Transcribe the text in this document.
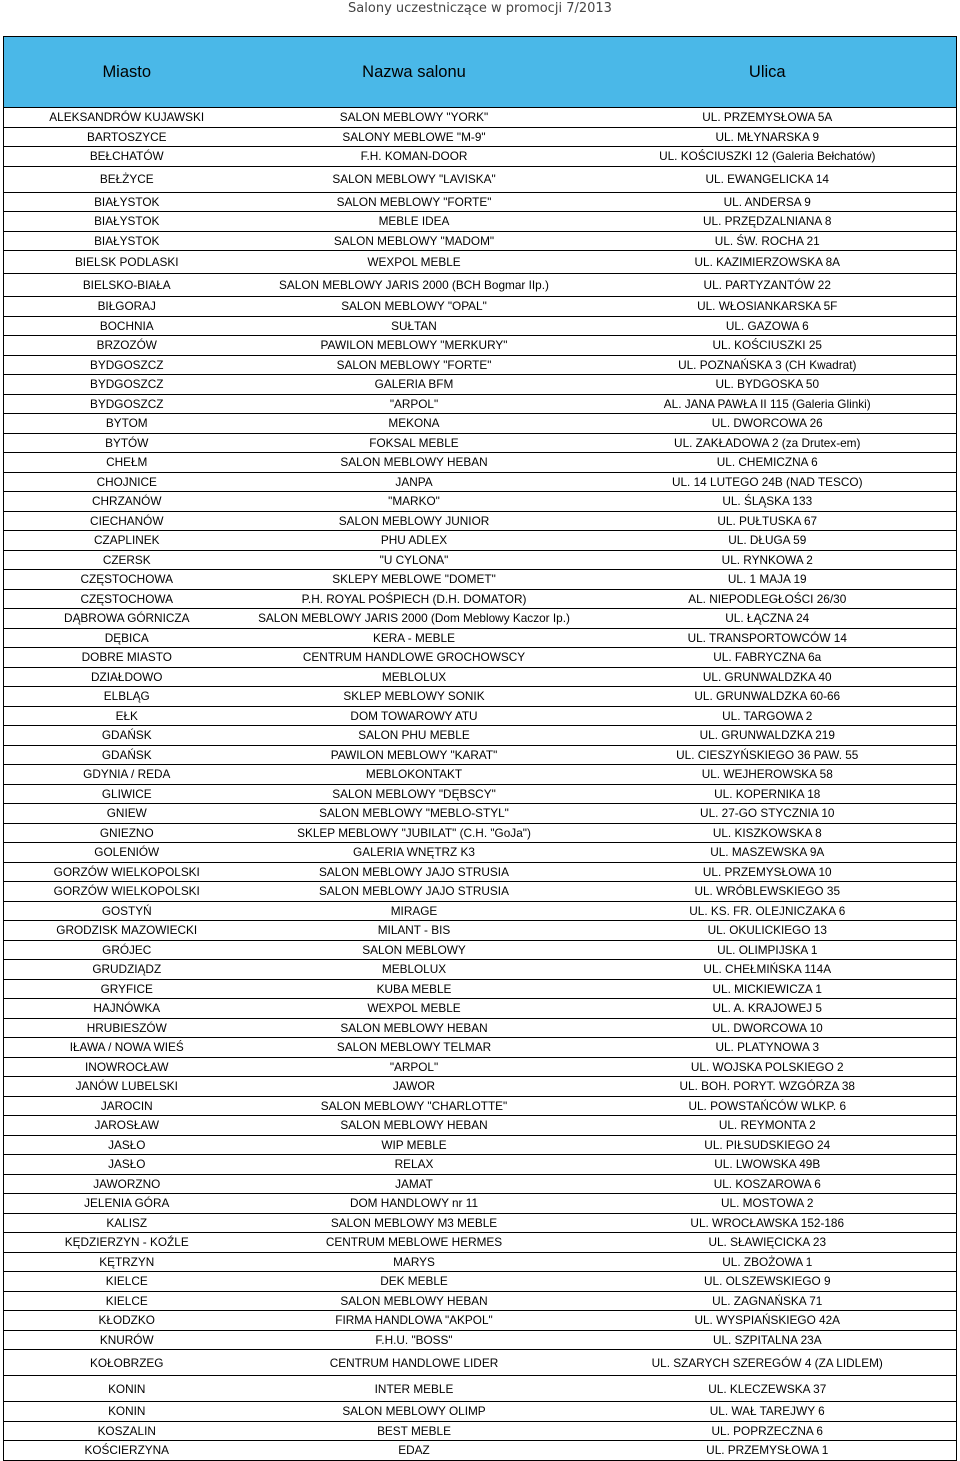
Salony uczestniczące w promocji 7/2013
Miasto	Nazwa salonu	Ulica
ALEKSANDRÓW KUJAWSKI	SALON MEBLOWY "YORK"	UL. PRZEMYSŁOWA 5A
BARTOSZYCE	SALONY MEBLOWE "M-9"	UL. MŁYNARSKA 9
BEŁCHATÓW	F.H. KOMAN-DOOR	UL. KOŚCIUSZKI 12 (Galeria Bełchatów)
BEŁŻYCE	SALON MEBLOWY "LAVISKA"	UL. EWANGELICKA 14
BIAŁYSTOK	SALON MEBLOWY "FORTE"	UL. ANDERSA 9
BIAŁYSTOK	MEBLE IDEA	UL. PRZĘDZALNIANA 8
BIAŁYSTOK	SALON MEBLOWY "MADOM"	UL. ŚW. ROCHA 21
BIELSK PODLASKI	WEXPOL MEBLE	UL. KAZIMIERZOWSKA 8A
BIELSKO-BIAŁA	SALON MEBLOWY JARIS 2000 (BCH Bogmar IIp.)	UL. PARTYZANTÓW 22
BIŁGORAJ	SALON MEBLOWY "OPAL"	UL. WŁOSIANKARSKA 5F
BOCHNIA	SUŁTAN	UL. GAZOWA 6
BRZOZÓW	PAWILON MEBLOWY "MERKURY"	UL. KOŚCIUSZKI 25
BYDGOSZCZ	SALON MEBLOWY "FORTE"	UL. POZNAŃSKA 3 (CH Kwadrat)
BYDGOSZCZ	GALERIA BFM	UL. BYDGOSKA 50
BYDGOSZCZ	"ARPOL"	AL. JANA PAWŁA II 115 (Galeria Glinki)
BYTOM	MEKONA	UL. DWORCOWA 26
BYTÓW	FOKSAL MEBLE	UL. ZAKŁADOWA 2 (za Drutex-em)
CHEŁM	SALON MEBLOWY HEBAN	UL. CHEMICZNA 6
CHOJNICE	JANPA	UL. 14 LUTEGO 24B (NAD TESCO)
CHRZANÓW	"MARKO"	UL. ŚLĄSKA 133
CIECHANÓW	SALON MEBLOWY JUNIOR	UL. PUŁTUSKA 67
CZAPLINEK	PHU ADLEX	UL. DŁUGA 59
CZERSK	"U CYLONA"	UL. RYNKOWA 2
CZĘSTOCHOWA	SKLEPY MEBLOWE "DOMET"	UL. 1 MAJA 19
CZĘSTOCHOWA	P.H. ROYAL POŚPIECH (D.H. DOMATOR)	AL. NIEPODLEGŁOŚCI 26/30
DĄBROWA GÓRNICZA	SALON MEBLOWY JARIS 2000 (Dom Meblowy Kaczor Ip.)	UL. ŁĄCZNA 24
DĘBICA	KERA - MEBLE	UL. TRANSPORTOWCÓW 14
DOBRE MIASTO	CENTRUM HANDLOWE GROCHOWSCY	UL. FABRYCZNA 6a
DZIAŁDOWO	MEBLOLUX	UL. GRUNWALDZKA 40
ELBLĄG	SKLEP MEBLOWY SONIK	UL. GRUNWALDZKA 60-66
EŁK	DOM TOWAROWY ATU	UL. TARGOWA 2
GDAŃSK	SALON PHU MEBLE	UL. GRUNWALDZKA 219
GDAŃSK	PAWILON MEBLOWY "KARAT"	UL. CIESZYŃSKIEGO 36 PAW. 55
GDYNIA / REDA	MEBLOKONTAKT	UL. WEJHEROWSKA 58
GLIWICE	SALON MEBLOWY "DĘBSCY"	UL. KOPERNIKA 18
GNIEW	SALON MEBLOWY "MEBLO-STYL"	UL. 27-GO STYCZNIA 10
GNIEZNO	SKLEP MEBLOWY "JUBILAT" (C.H. "GoJa")	UL. KISZKOWSKA 8
GOLENIÓW	GALERIA WNĘTRZ K3	UL. MASZEWSKA 9A
GORZÓW WIELKOPOLSKI	SALON MEBLOWY JAJO STRUSIA	UL. PRZEMYSŁOWA 10
GORZÓW WIELKOPOLSKI	SALON MEBLOWY JAJO STRUSIA	UL. WRÓBLEWSKIEGO 35
GOSTYŃ	MIRAGE	UL. KS. FR. OLEJNICZAKA 6
GRODZISK MAZOWIECKI	MILANT - BIS	UL. OKULICKIEGO 13
GRÓJEC	SALON MEBLOWY	UL. OLIMPIJSKA 1
GRUDZIĄDZ	MEBLOLUX	UL. CHEŁMIŃSKA 114A
GRYFICE	KUBA MEBLE	UL. MICKIEWICZA 1
HAJNÓWKA	WEXPOL MEBLE	UL. A. KRAJOWEJ 5
HRUBIESZÓW	SALON MEBLOWY HEBAN	UL. DWORCOWA 10
IŁAWA / NOWA WIEŚ	SALON MEBLOWY TELMAR	UL. PLATYNOWA 3
INOWROCŁAW	"ARPOL"	UL. WOJSKA POLSKIEGO 2
JANÓW LUBELSKI	JAWOR	UL. BOH. PORYT. WZGÓRZA 38
JAROCIN	SALON MEBLOWY "CHARLOTTE"	UL. POWSTAŃCÓW WLKP. 6
JAROSŁAW	SALON MEBLOWY HEBAN	UL. REYMONTA 2
JASŁO	WIP MEBLE	UL. PIŁSUDSKIEGO 24
JASŁO	RELAX	UL. LWOWSKA 49B
JAWORZNO	JAMAT	UL. KOSZAROWA 6
JELENIA GÓRA	DOM HANDLOWY nr 11	UL. MOSTOWA 2
KALISZ	SALON MEBLOWY M3 MEBLE	UL. WROCŁAWSKA 152-186
KĘDZIERZYN - KOŹLE	CENTRUM MEBLOWE HERMES	UL. SŁAWIĘCICKA 23
KĘTRZYN	MARYS	UL. ZBOŻOWA 1
KIELCE	DEK MEBLE	UL. OLSZEWSKIEGO 9
KIELCE	SALON MEBLOWY HEBAN	UL. ZAGNAŃSKA 71
KŁODZKO	FIRMA HANDLOWA "AKPOL"	UL. WYSPIAŃSKIEGO 42A
KNURÓW	F.H.U. "BOSS"	UL. SZPITALNA 23A
KOŁOBRZEG	CENTRUM HANDLOWE LIDER	UL. SZARYCH SZEREGÓW 4 (ZA LIDLEM)
KONIN	INTER MEBLE	UL. KLECZEWSKA 37
KONIN	SALON MEBLOWY OLIMP	UL. WAŁ TAREJWY 6
KOSZALIN	BEST MEBLE	UL. POPRZECZNA 6
KOŚCIERZYNA	EDAZ	UL. PRZEMYSŁOWA 1
